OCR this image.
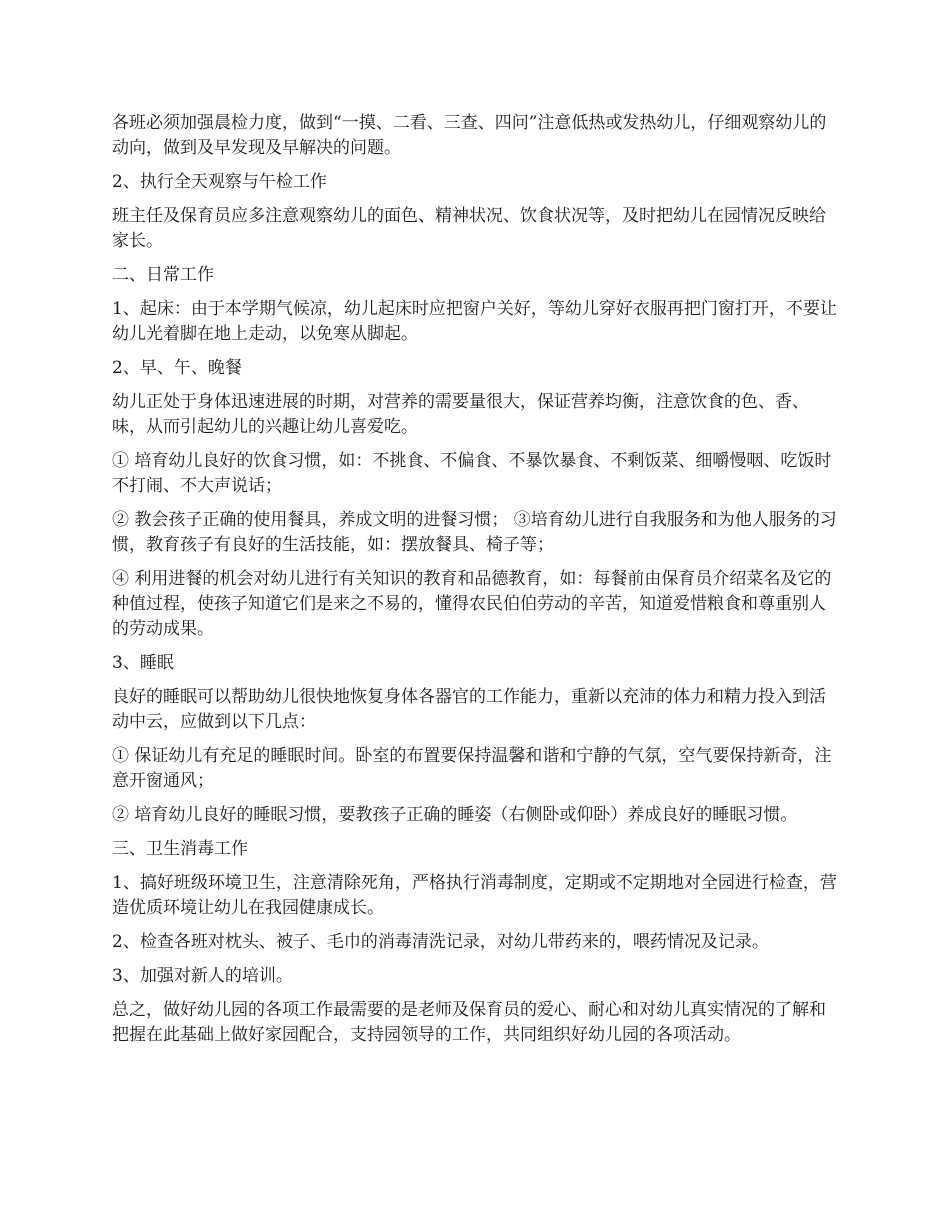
各班必须加强晨检力度，做到“一摸、二看、三查、四问”注意低热或发热幼儿，仔细观察幼儿的动向，做到及早发现及早解决的问题。

2、执行全天观察与午检工作

班主任及保育员应多注意观察幼儿的面色、精神状况、饮食状况等，及时把幼儿在园情况反映给家长。

二、日常工作

1、起床：由于本学期气候凉，幼儿起床时应把窗户关好，等幼儿穿好衣服再把门窗打开，不要让幼儿光着脚在地上走动，以免寒从脚起。

2、早、午、晚餐

幼儿正处于身体迅速进展的时期，对营养的需要量很大，保证营养均衡，注意饮食的色、香、味，从而引起幼儿的兴趣让幼儿喜爱吃。

① 培育幼儿良好的饮食习惯，如：不挑食、不偏食、不暴饮暴食、不剩饭菜、细嚼慢咽、吃饭时不打闹、不大声说话；

② 教会孩子正确的使用餐具，养成文明的进餐习惯； ③培育幼儿进行自我服务和为他人服务的习惯，教育孩子有良好的生活技能，如：摆放餐具、椅子等；

④ 利用进餐的机会对幼儿进行有关知识的教育和品德教育，如：每餐前由保育员介绍菜名及它的种值过程，使孩子知道它们是来之不易的，懂得农民伯伯劳动的辛苦，知道爱惜粮食和尊重别人的劳动成果。

3、睡眠

良好的睡眠可以帮助幼儿很快地恢复身体各器官的工作能力，重新以充沛的体力和精力投入到活动中云，应做到以下几点：

① 保证幼儿有充足的睡眠时间。卧室的布置要保持温馨和谐和宁静的气氛，空气要保持新奇，注意开窗通风；

② 培育幼儿良好的睡眠习惯，要教孩子正确的睡姿（右侧卧或仰卧）养成良好的睡眠习惯。

三、卫生消毒工作

1、搞好班级环境卫生，注意清除死角，严格执行消毒制度，定期或不定期地对全园进行检查，营造优质环境让幼儿在我园健康成长。

2、检查各班对枕头、被子、毛巾的消毒清洗记录，对幼儿带药来的，喂药情况及记录。

3、加强对新人的培训。

总之，做好幼儿园的各项工作最需要的是老师及保育员的爱心、耐心和对幼儿真实情况的了解和把握在此基础上做好家园配合，支持园领导的工作，共同组织好幼儿园的各项活动。
